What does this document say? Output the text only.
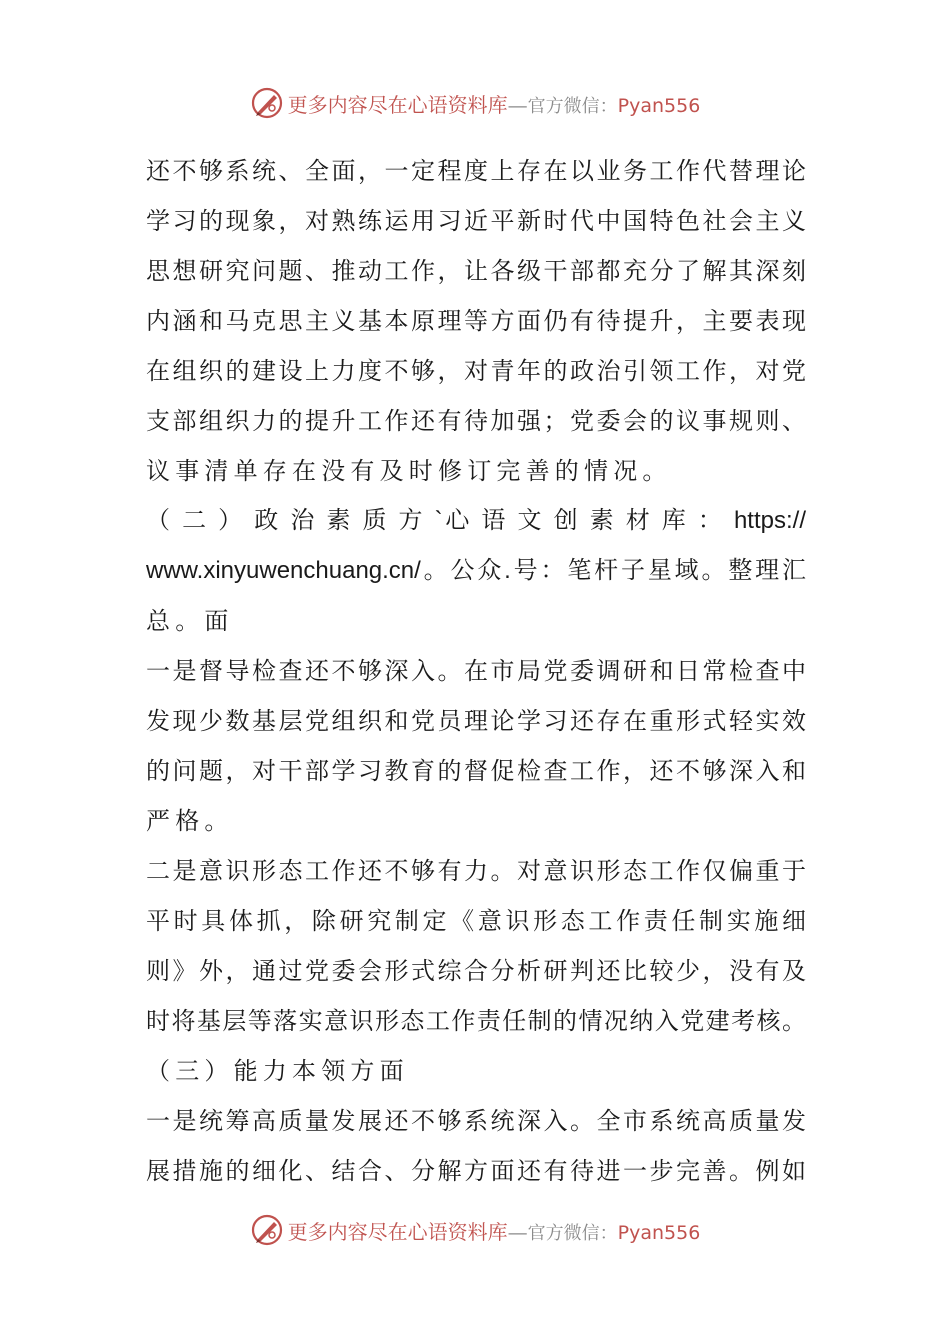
更多内容尽在心语资料库—官方微信：Pyan556
还不够系统、全面，一定程度上存在以业务工作代替理论
学习的现象，对熟练运用习近平新时代中国特色社会主义
思想研究问题、推动工作，让各级干部都充分了解其深刻
内涵和马克思主义基本原理等方面仍有待提升，主要表现
在组织的建设上力度不够，对青年的政治引领工作，对党
支部组织力的提升工作还有待加强；党委会的议事规则、
议事清单存在没有及时修订完善的情况。
（ 二 ） 政 治 素 质 方 `心 语 文 创 素 材 库 ： https://
www.xinyuwenchuang.cn/。公众.号：笔杆子星域。整理汇
总。面
一是督导检查还不够深入。在市局党委调研和日常检查中
发现少数基层党组织和党员理论学习还存在重形式轻实效
的问题，对干部学习教育的督促检查工作，还不够深入和
严格。
二是意识形态工作还不够有力。对意识形态工作仅偏重于
平时具体抓，除研究制定《意识形态工作责任制实施细
则》外，通过党委会形式综合分析研判还比较少，没有及
时将基层等落实意识形态工作责任制的情况纳入党建考核。
（三）能力本领方面
一是统筹高质量发展还不够系统深入。全市系统高质量发
展措施的细化、结合、分解方面还有待进一步完善。例如
更多内容尽在心语资料库—官方微信：Pyan556
